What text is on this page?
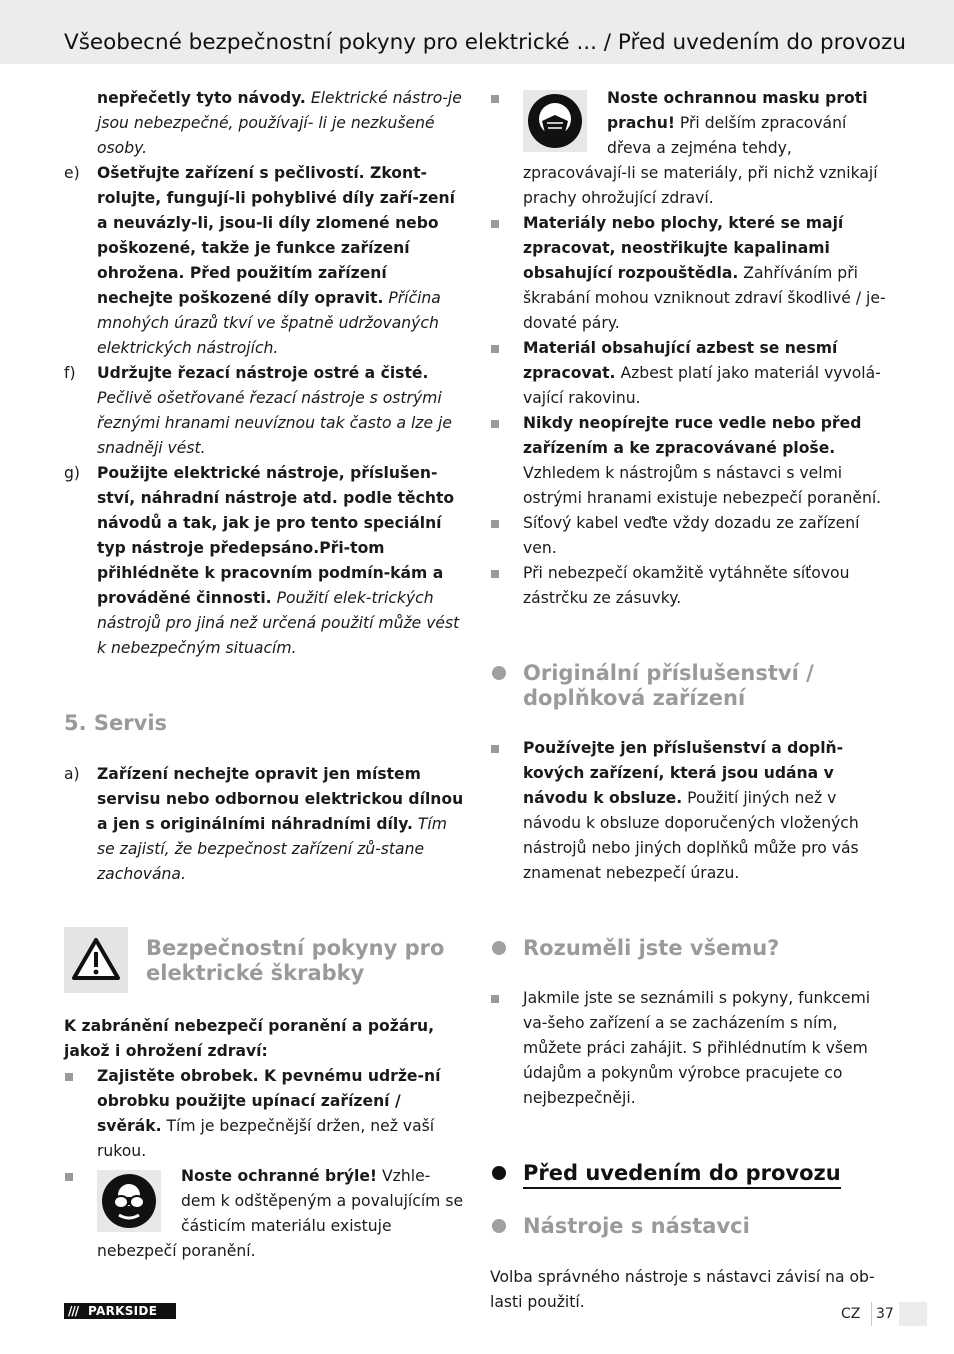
Všeobecné bezpečnostní pokyny pro elektrické ... / Před uvedením do provozu

nepřečetly tyto návody. Elektrické nástro-je jsou nebezpečné, používají- li je nezkušené osoby.

e) Ošetřujte zařízení s pečlivostí. Zkont-rolujte, fungují-li pohyblivé díly zaří-zení a neuvázly-li, jsou-li díly zlomené nebo poškozené, takže je funkce zařízení ohrožena. Před použitím zařízení nechejte poškozené díly opravit. Příčina mnohých úrazů tkví ve špatně udržovaných elektrických nástrojích.

f) Udržujte řezací nástroje ostré a čisté. Pečlivě ošetřované řezací nástroje s ostrými řeznými hranami neuvíznou tak často a lze je snadněji vést.

g) Použijte elektrické nástroje, příslušen-ství, náhradní nástroje atd. podle těchto návodů a tak, jak je pro tento speciální typ nástroje předepsáno.Při-tom přihlédněte k pracovním podmín-kám a prováděné činnosti. Použití elek-trických nástrojů pro jiná než určená použití může vést k nebezpečným situacím.

5. Servis
a) Zařízení nechejte opravit jen místem servisu nebo odbornou elektrickou dílnou a jen s originálními náhradními díly. Tím se zajistí, že bezpečnost zařízení zů-stane zachována.

Bezpečnostní pokyny pro elektrické škrabky

K zabránění nebezpečí poranění a požáru, jakož i ohrožení zdraví:

Zajistěte obrobek. K pevnému udrže-ní obrobku použijte upínací zařízení / svěrák. Tím je bezpečnější držen, než vaší rukou.

Noste ochranné brýle! Vzhle-dem k odštěpeným a povalujícím se částicím materiálu existuje nebezpečí poranění.

Noste ochrannou masku proti prachu! Při delším zpracování dřeva a zejména tehdy, zpracovávají-li se materiály, při nichž vznikají prachy ohrožující zdraví.

Materiály nebo plochy, které se mají zpracovat, neostřikujte kapalinami obsahující rozpouštědla. Zahříváním při škrabání mohou vzniknout zdraví škodlivé / je-dovaté páry.

Materiál obsahující azbest se nesmí zpracovat. Azbest platí jako materiál vyvolá-vající rakovinu.

Nikdy neopírejte ruce vedle nebo před zařízením a ke zpracovávané ploše. Vzhledem k nástrojům s nástavci s velmi ostrými hranami existuje nebezpečí poranění.

Síťový kabel veďte vždy dozadu ze zařízení ven.

Při nebezpečí okamžitě vytáhněte síťovou zástrčku ze zásuvky.

Originální příslušenství / doplňková zařízení

Používejte jen příslušenství a doplň-kových zařízení, která jsou udána v návodu k obsluze. Použití jiných než v návodu k obsluze doporučených vložených nástrojů nebo jiných doplňků může pro vás znamenat nebezpečí úrazu.

Rozuměli jste všemu?

Jakmile jste se seznámili s pokyny, funkcemi va-šeho zařízení a se zacházením s ním, můžete práci zahájit. S přihlédnutím k všem údajům a pokynům výrobce pracujete co nejbezpečněji.

Před uvedením do provozu
Nástroje s nástavci

Volba správného nástroje s nástavci závisí na ob-lasti použití.

/// PARKSIDE	CZ 37
